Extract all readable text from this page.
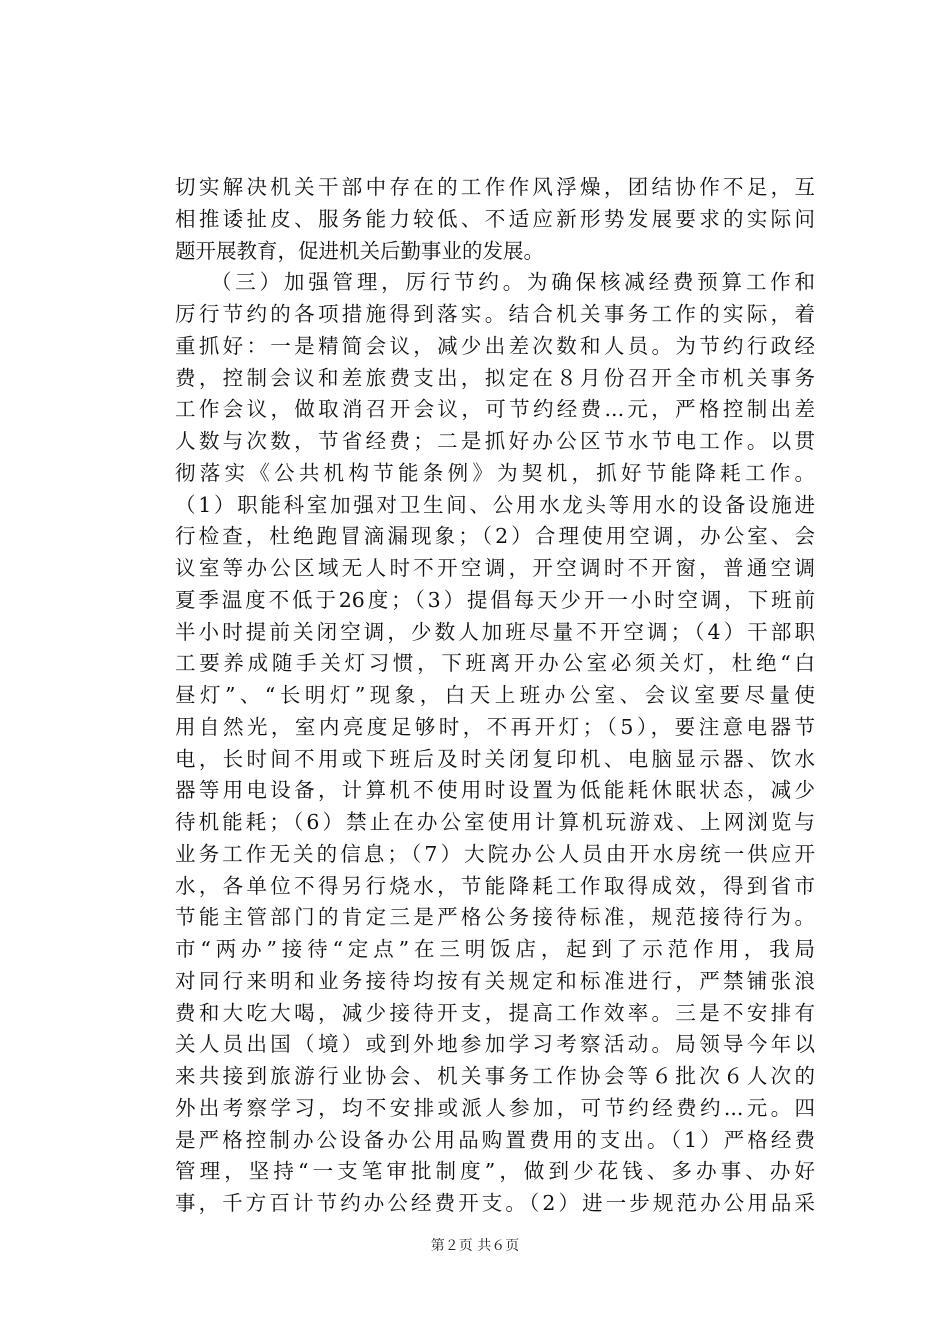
切实解决机关干部中存在的工作作风浮燥，团结协作不足，互
相推诿扯皮、服务能力较低、不适应新形势发展要求的实际问
题开展教育，促进机关后勤事业的发展。
（三）加强管理，厉行节约。为确保核减经费预算工作和
厉行节约的各项措施得到落实。结合机关事务工作的实际，着
重抓好：一是精简会议，减少出差次数和人员。为节约行政经
费，控制会议和差旅费支出，拟定在８月份召开全市机关事务
工作会议，做取消召开会议，可节约经费...元，严格控制出差
人数与次数，节省经费；二是抓好办公区节水节电工作。以贯
彻落实《公共机构节能条例》为契机，抓好节能降耗工作。
（1）职能科室加强对卫生间、公用水龙头等用水的设备设施进
行检查，杜绝跑冒滴漏现象；（2）合理使用空调，办公室、会
议室等办公区域无人时不开空调，开空调时不开窗，普通空调
夏季温度不低于26度；（3）提倡每天少开一小时空调，下班前
半小时提前关闭空调，少数人加班尽量不开空调；（4）干部职
工要养成随手关灯习惯，下班离开办公室必须关灯，杜绝“白
昼灯”、“长明灯”现象，白天上班办公室、会议室要尽量使
用自然光，室内亮度足够时，不再开灯；（5），要注意电器节
电，长时间不用或下班后及时关闭复印机、电脑显示器、饮水
器等用电设备，计算机不使用时设置为低能耗休眠状态，减少
待机能耗；（6）禁止在办公室使用计算机玩游戏、上网浏览与
业务工作无关的信息；（7）大院办公人员由开水房统一供应开
水，各单位不得另行烧水，节能降耗工作取得成效，得到省市
节能主管部门的肯定三是严格公务接待标准，规范接待行为。
市“两办”接待“定点”在三明饭店，起到了示范作用，我局
对同行来明和业务接待均按有关规定和标准进行，严禁铺张浪
费和大吃大喝，减少接待开支，提高工作效率。三是不安排有
关人员出国（境）或到外地参加学习考察活动。局领导今年以
来共接到旅游行业协会、机关事务工作协会等６批次６人次的
外出考察学习，均不安排或派人参加，可节约经费约...元。四
是严格控制办公设备办公用品购置费用的支出。（1）严格经费
管理，坚持“一支笔审批制度”，做到少花钱、多办事、办好
事，千方百计节约办公经费开支。（2）进一步规范办公用品采
第２页 共６页
